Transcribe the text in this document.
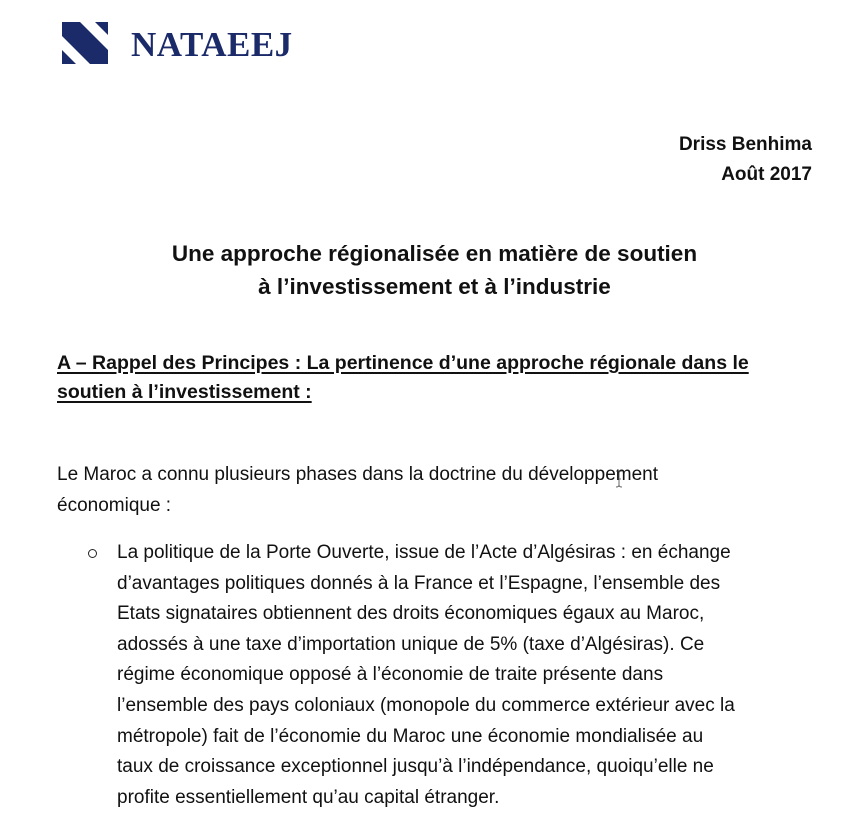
NATAEEJ
Driss Benhima
Août 2017
Une approche régionalisée en matière de soutien
à l’investissement et à l’industrie
A – Rappel des Principes : La pertinence d’une approche régionale dans le
soutien à l’investissement :
Le Maroc a connu plusieurs phases dans la doctrine du développement
économique :
La politique de la Porte Ouverte, issue de l’Acte d’Algésiras : en échange
d’avantages politiques donnés à la France et l’Espagne, l’ensemble des
Etats signataires obtiennent des droits économiques égaux au Maroc,
adossés à une taxe d’importation unique de 5% (taxe d’Algésiras). Ce
régime économique opposé à l’économie de traite présente dans
l’ensemble des pays coloniaux (monopole du commerce extérieur avec la
métropole) fait de l’économie du Maroc une économie mondialisée au
taux de croissance exceptionnel jusqu’à l’indépendance, quoiqu’elle ne
profite essentiellement qu’au capital étranger.
